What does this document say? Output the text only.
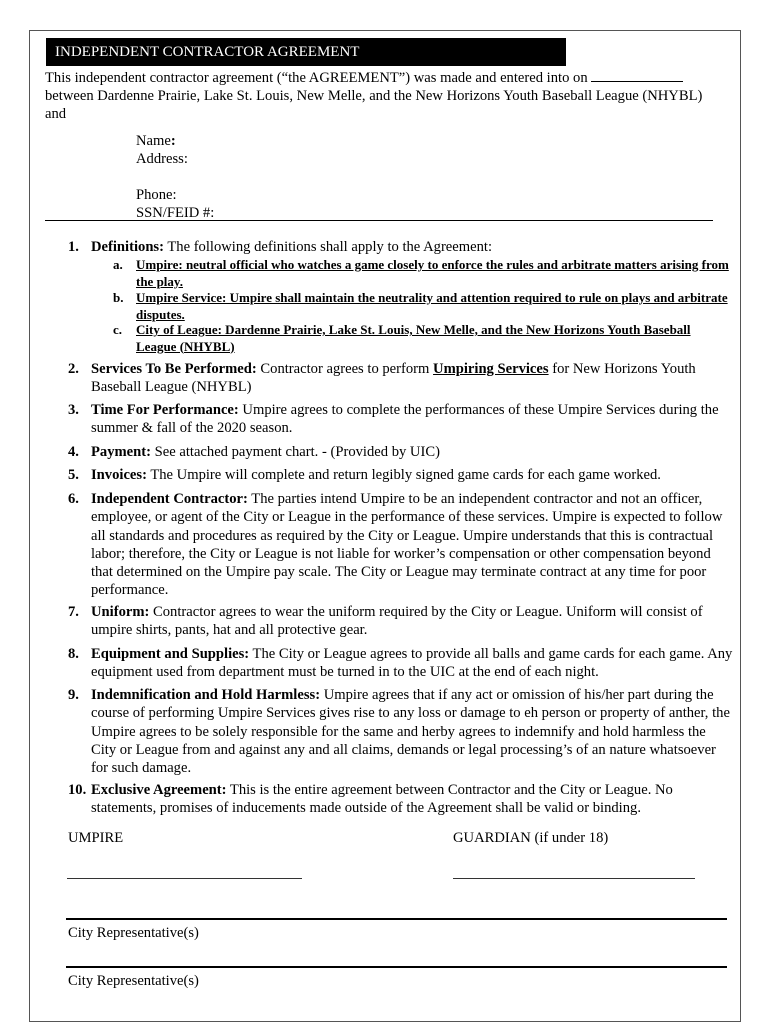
INDEPENDENT CONTRACTOR AGREEMENT
This independent contractor agreement (“the AGREEMENT”) was made and entered into on
between Dardenne Prairie, Lake St. Louis, New Melle, and the New Horizons Youth Baseball League (NHYBL) and
Name:
Address:
Phone:
SSN/FEID #:
1. Definitions: The following definitions shall apply to the Agreement:
a. Umpire: neutral official who watches a game closely to enforce the rules and arbitrate matters arising from the play.
b. Umpire Service: Umpire shall maintain the neutrality and attention required to rule on plays and arbitrate disputes.
c. City of League: Dardenne Prairie, Lake St. Louis, New Melle, and the New Horizons Youth Baseball League (NHYBL)
2. Services To Be Performed: Contractor agrees to perform Umpiring Services for New Horizons Youth Baseball League (NHYBL)
3. Time For Performance: Umpire agrees to complete the performances of these Umpire Services during the summer & fall of the 2020 season.
4. Payment: See attached payment chart. - (Provided by UIC)
5. Invoices: The Umpire will complete and return legibly signed game cards for each game worked.
6. Independent Contractor: The parties intend Umpire to be an independent contractor and not an officer, employee, or agent of the City or League in the performance of these services. Umpire is expected to follow all standards and procedures as required by the City or League. Umpire understands that this is contractual labor; therefore, the City or League is not liable for worker’s compensation or other compensation beyond that determined on the Umpire pay scale. The City or League may terminate contract at any time for poor performance.
7. Uniform: Contractor agrees to wear the uniform required by the City or League. Uniform will consist of umpire shirts, pants, hat and all protective gear.
8. Equipment and Supplies: The City or League agrees to provide all balls and game cards for each game. Any equipment used from department must be turned in to the UIC at the end of each night.
9. Indemnification and Hold Harmless: Umpire agrees that if any act or omission of his/her part during the course of performing Umpire Services gives rise to any loss or damage to eh person or property of anther, the Umpire agrees to be solely responsible for the same and herby agrees to indemnify and hold harmless the City or League from and against any and all claims, demands or legal processing’s of an nature whatsoever for such damage.
10. Exclusive Agreement: This is the entire agreement between Contractor and the City or League. No statements, promises of inducements made outside of the Agreement shall be valid or binding.
UMPIRE	GUARDIAN (if under 18)
City Representative(s)
City Representative(s)
